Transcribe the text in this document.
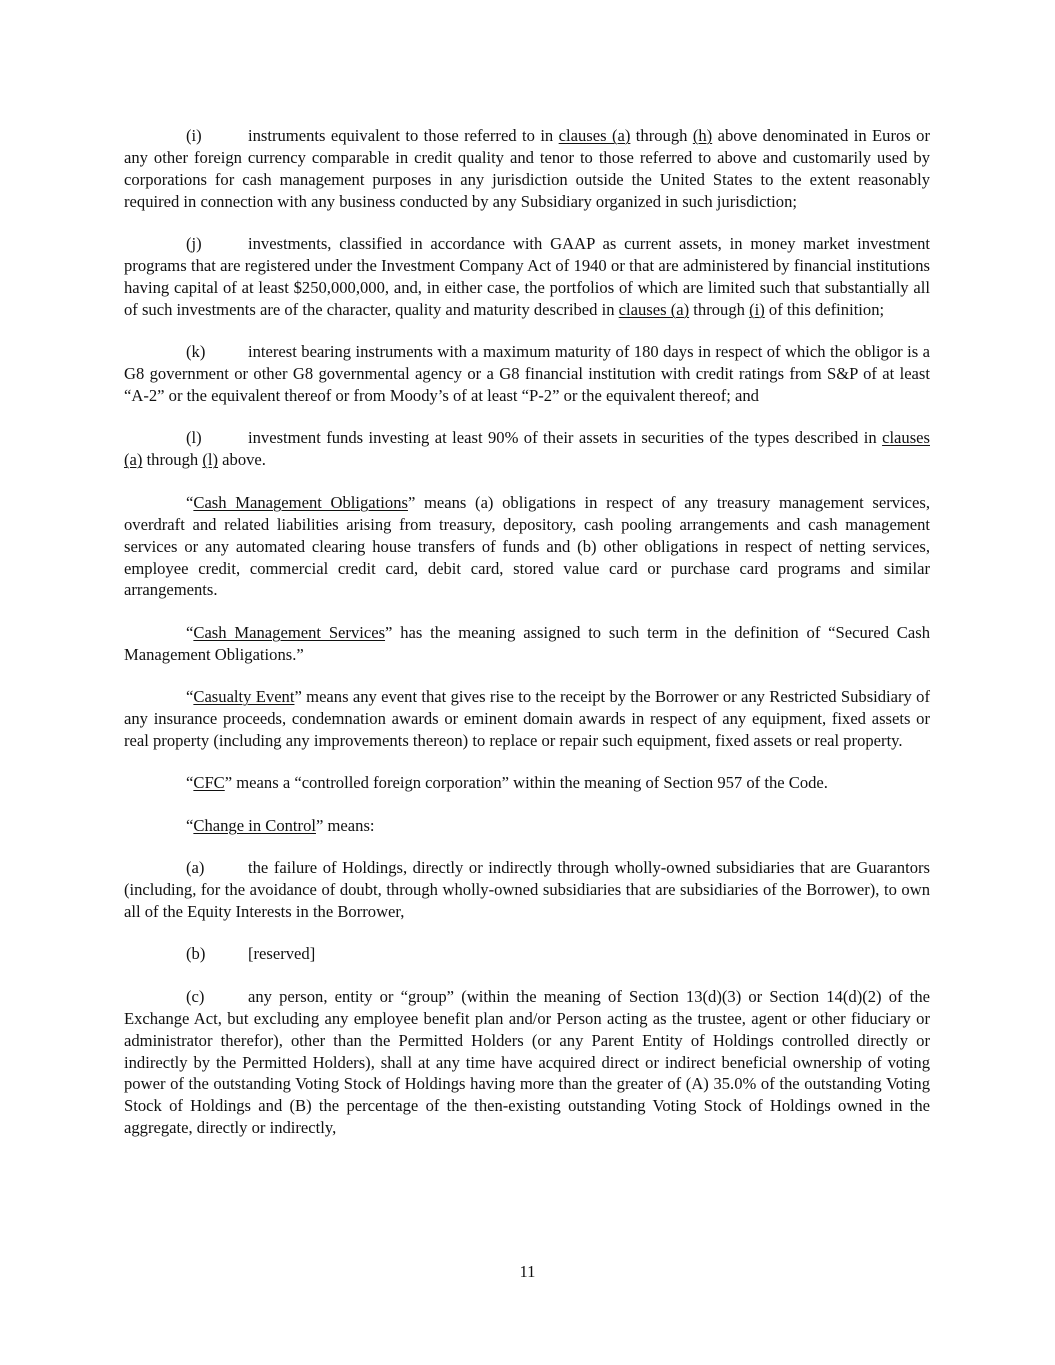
(i)	instruments equivalent to those referred to in clauses (a) through (h) above denominated in Euros or any other foreign currency comparable in credit quality and tenor to those referred to above and customarily used by corporations for cash management purposes in any jurisdiction outside the United States to the extent reasonably required in connection with any business conducted by any Subsidiary organized in such jurisdiction;

(j)	investments, classified in accordance with GAAP as current assets, in money market investment programs that are registered under the Investment Company Act of 1940 or that are administered by financial institutions having capital of at least $250,000,000, and, in either case, the portfolios of which are limited such that substantially all of such investments are of the character, quality and maturity described in clauses (a) through (i) of this definition;

(k)	interest bearing instruments with a maximum maturity of 180 days in respect of which the obligor is a G8 government or other G8 governmental agency or a G8 financial institution with credit ratings from S&P of at least “A-2” or the equivalent thereof or from Moody’s of at least “P-2” or the equivalent thereof; and

(l)	investment funds investing at least 90% of their assets in securities of the types described in clauses (a) through (l) above.

“Cash Management Obligations” means (a) obligations in respect of any treasury management services, overdraft and related liabilities arising from treasury, depository, cash pooling arrangements and cash management services or any automated clearing house transfers of funds and (b) other obligations in respect of netting services, employee credit, commercial credit card, debit card, stored value card or purchase card programs and similar arrangements.

“Cash Management Services” has the meaning assigned to such term in the definition of “Secured Cash Management Obligations.”

“Casualty Event” means any event that gives rise to the receipt by the Borrower or any Restricted Subsidiary of any insurance proceeds, condemnation awards or eminent domain awards in respect of any equipment, fixed assets or real property (including any improvements thereon) to replace or repair such equipment, fixed assets or real property.

“CFC” means a “controlled foreign corporation” within the meaning of Section 957 of the Code.

“Change in Control” means:

(a)	the failure of Holdings, directly or indirectly through wholly-owned subsidiaries that are Guarantors (including, for the avoidance of doubt, through wholly-owned subsidiaries that are subsidiaries of the Borrower), to own all of the Equity Interests in the Borrower,

(b)	[reserved]

(c)	any person, entity or “group” (within the meaning of Section 13(d)(3) or Section 14(d)(2) of the Exchange Act, but excluding any employee benefit plan and/or Person acting as the trustee, agent or other fiduciary or administrator therefor), other than the Permitted Holders (or any Parent Entity of Holdings controlled directly or indirectly by the Permitted Holders), shall at any time have acquired direct or indirect beneficial ownership of voting power of the outstanding Voting Stock of Holdings having more than the greater of (A) 35.0% of the outstanding Voting Stock of Holdings and (B) the percentage of the then-existing outstanding Voting Stock of Holdings owned in the aggregate, directly or indirectly,

11
